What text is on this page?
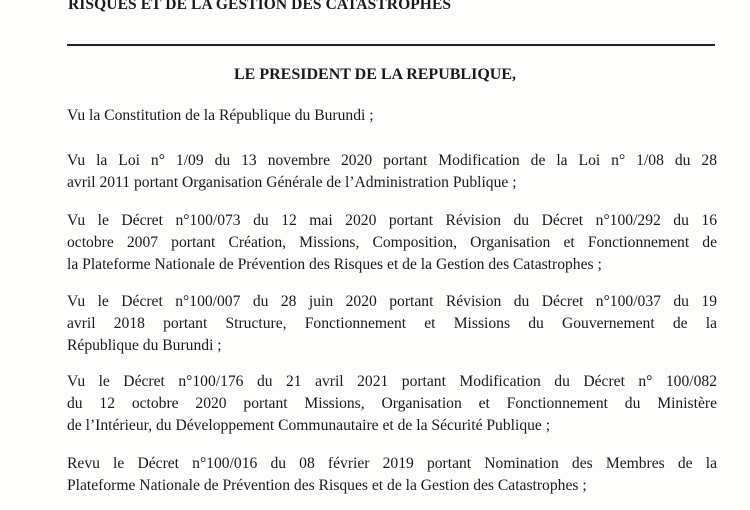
RISQUES ET DE LA GESTION DES CATASTROPHES
LE PRESIDENT DE LA REPUBLIQUE,
Vu la Constitution de la République du Burundi ;
Vu la Loi n° 1/09 du 13 novembre 2020 portant Modification de la Loi n° 1/08 du 28
avril 2011 portant Organisation Générale de l’Administration Publique ;
Vu le Décret n°100/073 du 12 mai 2020 portant Révision du Décret n°100/292 du 16
octobre 2007 portant Création, Missions, Composition, Organisation et Fonctionnement de
la Plateforme Nationale de Prévention des Risques et de la Gestion des Catastrophes ;
Vu le Décret n°100/007 du 28 juin 2020 portant Révision du Décret n°100/037 du 19
avril 2018 portant Structure, Fonctionnement et Missions du Gouvernement de la
République du Burundi ;
Vu le Décret n°100/176 du 21 avril 2021 portant Modification du Décret n° 100/082
du 12 octobre 2020 portant Missions, Organisation et Fonctionnement du Ministère
de l’Intérieur, du Développement Communautaire et de la Sécurité Publique ;
Revu le Décret n°100/016 du 08 février 2019 portant Nomination des Membres de la
Plateforme Nationale de Prévention des Risques et de la Gestion des Catastrophes ;
